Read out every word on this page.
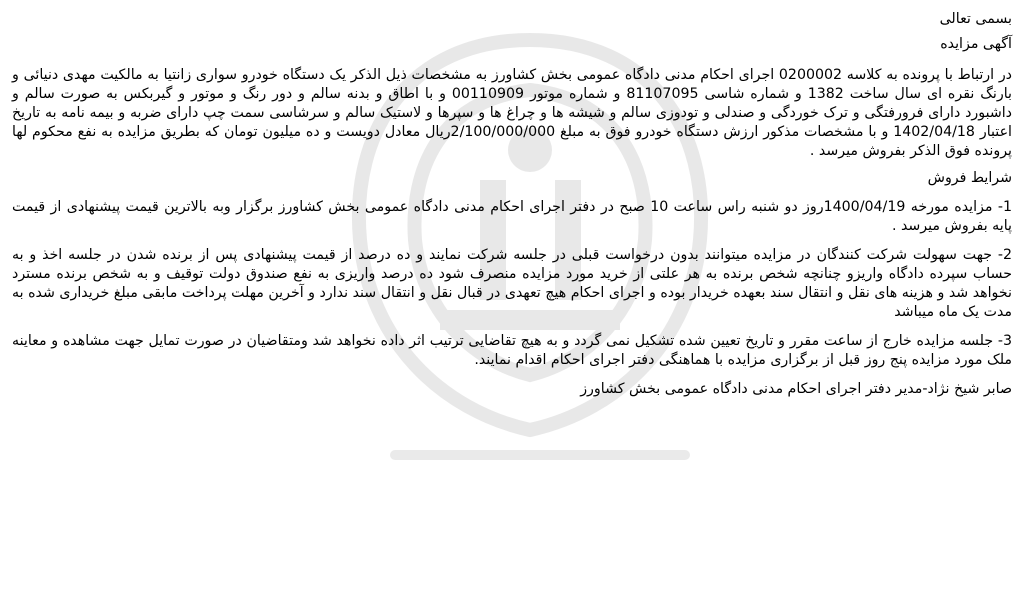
بسمی تعالی

آگهی مزایده

در ارتباط با پرونده به کلاسه 0200002 اجرای احکام مدنی دادگاه عمومی بخش کشاورز به مشخصات ذیل الذکر یک دستگاه خودرو سواری زانتیا به مالکیت مهدی دنیائی و بارنگ نقره ای سال ساخت 1382 و شماره شاسی 81107095 و شماره موتور 00110909 و با اطاق و بدنه سالم و دور رنگ و موتور و گیربکس به صورت سالم و داشبورد دارای فرورفتگی و ترک خوردگی و صندلی و تودوزی سالم و شیشه ها و چراغ ها و سپرها و لاستیک سالم و سرشاسی سمت چپ دارای ضربه و بیمه نامه به تاریخ اعتبار 1402/04/18 و با مشخصات مذکور ارزش دستگاه خودرو فوق به مبلغ 2/100/000/000ریال معادل دویست و ده میلیون تومان که بطریق مزایده به نفع محکوم لها پرونده فوق الذکر بفروش میرسد .

شرایط فروش

1- مزایده مورخه 1400/04/19روز دو شنبه راس ساعت 10 صبح در دفتر اجرای احکام مدنی دادگاه عمومی بخش کشاورز برگزار وبه بالاترین قیمت پیشنهادی از قیمت پایه بفروش میرسد .

2- جهت سهولت شرکت کنندگان در مزایده میتوانند بدون درخواست قبلی در جلسه شرکت نمایند و ده درصد از قیمت پیشنهادی پس از برنده شدن در جلسه اخذ و به حساب سپرده دادگاه واریزو چنانچه شخص برنده به هر علتی از خرید مورد مزایده منصرف شود ده درصد واریزی به نفع صندوق دولت توقیف و به شخص برنده مسترد نخواهد شد و هزینه های نقل و انتقال سند بعهده خریدار بوده و اجرای احکام هیچ تعهدی در قبال نقل و انتقال سند ندارد و آخرین مهلت پرداخت مابقی مبلغ خریداری شده به مدت یک ماه میباشد

3- جلسه مزایده خارج از ساعت مقرر و تاریخ تعیین شده تشکیل نمی گردد و به هیچ تقاضایی ترتیب اثر داده نخواهد شد ومتقاضیان در صورت تمایل جهت مشاهده و معاینه ملک مورد مزایده پنج روز قبل از برگزاری مزایده با هماهنگی دفتر اجرای احکام اقدام نمایند.

صابر شیخ نژاد-مدیر دفتر اجرای احکام مدنی دادگاه عمومی بخش کشاورز
